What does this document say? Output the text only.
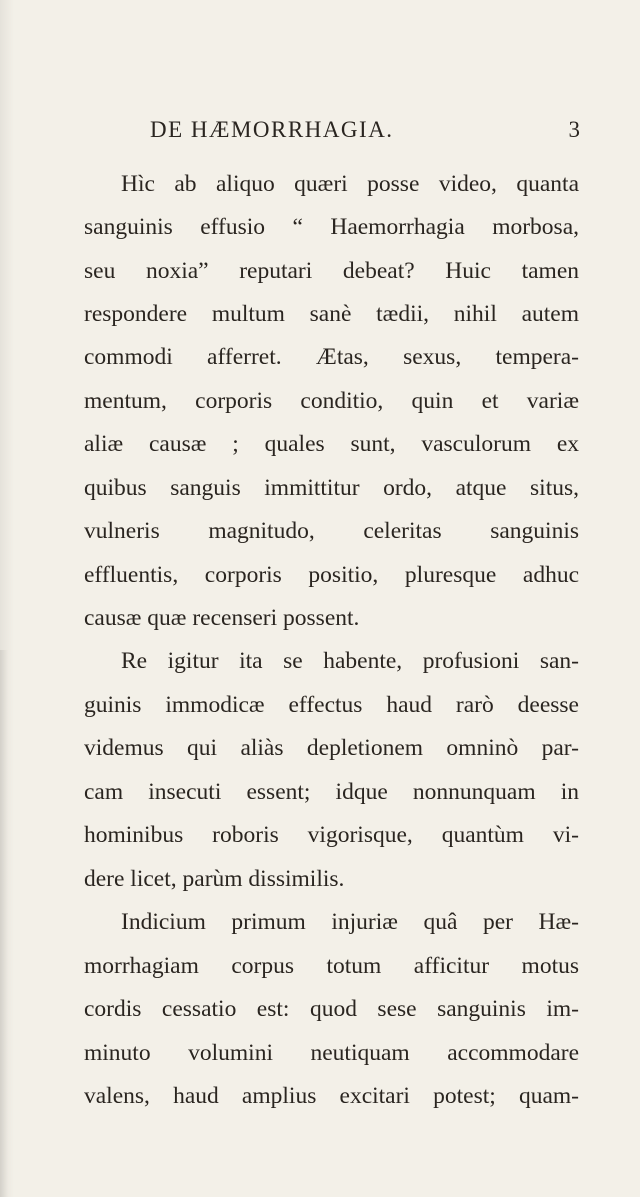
DE HÆMORRHAGIA.	3
Hìc ab aliquo quæri posse video, quanta
sanguinis effusio “ Haemorrhagia morbosa,
seu noxia” reputari debeat? Huic tamen
respondere multum sanè tædii, nihil autem
commodi afferret. Ætas, sexus, tempera-
mentum, corporis conditio, quin et variæ
aliæ causæ ; quales sunt, vasculorum ex
quibus sanguis immittitur ordo, atque situs,
vulneris magnitudo, celeritas sanguinis
effluentis, corporis positio, pluresque adhuc
causæ quæ recenseri possent.
Re igitur ita se habente, profusioni san-
guinis immodicæ effectus haud rarò deesse
videmus qui aliàs depletionem omninò par-
cam insecuti essent; idque nonnunquam in
hominibus roboris vigorisque, quantùm vi-
dere licet, parùm dissimilis.
Indicium primum injuriæ quâ per Hæ-
morrhagiam corpus totum afficitur motus
cordis cessatio est: quod sese sanguinis im-
minuto volumini neutiquam accommodare
valens, haud amplius excitari potest; quam-
